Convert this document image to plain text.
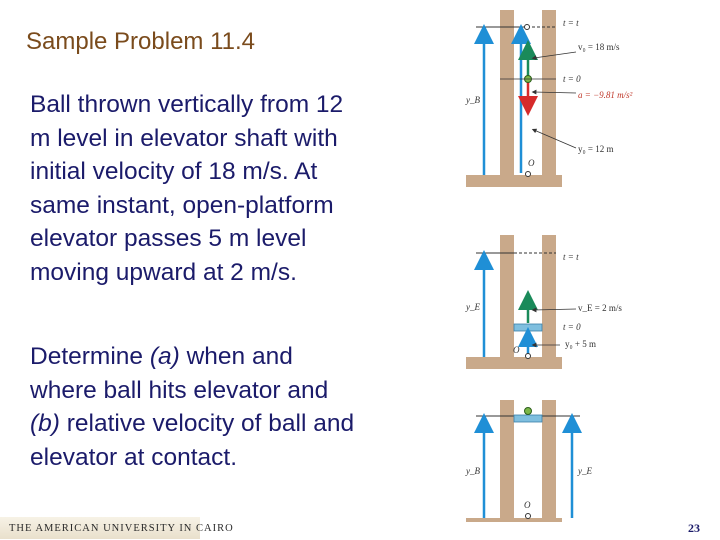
Sample Problem 11.4
Ball thrown vertically from 12 m level in elevator shaft with initial velocity of 18 m/s. At same instant, open-platform elevator passes 5 m level moving upward at 2 m/s.
Determine (a) when and where ball hits elevator and (b) relative velocity of ball and elevator at contact.
t = t
v₀ = 18 m/s
t = 0
a = −9.81 m/s²
y_B
y₀ = 12 m
O
t = t
v_E = 2 m/s
t = 0
y₀ + 5 m
y_E
O
y_B	y_E
O
THE AMERICAN UNIVERSITY IN CAIRO	23
